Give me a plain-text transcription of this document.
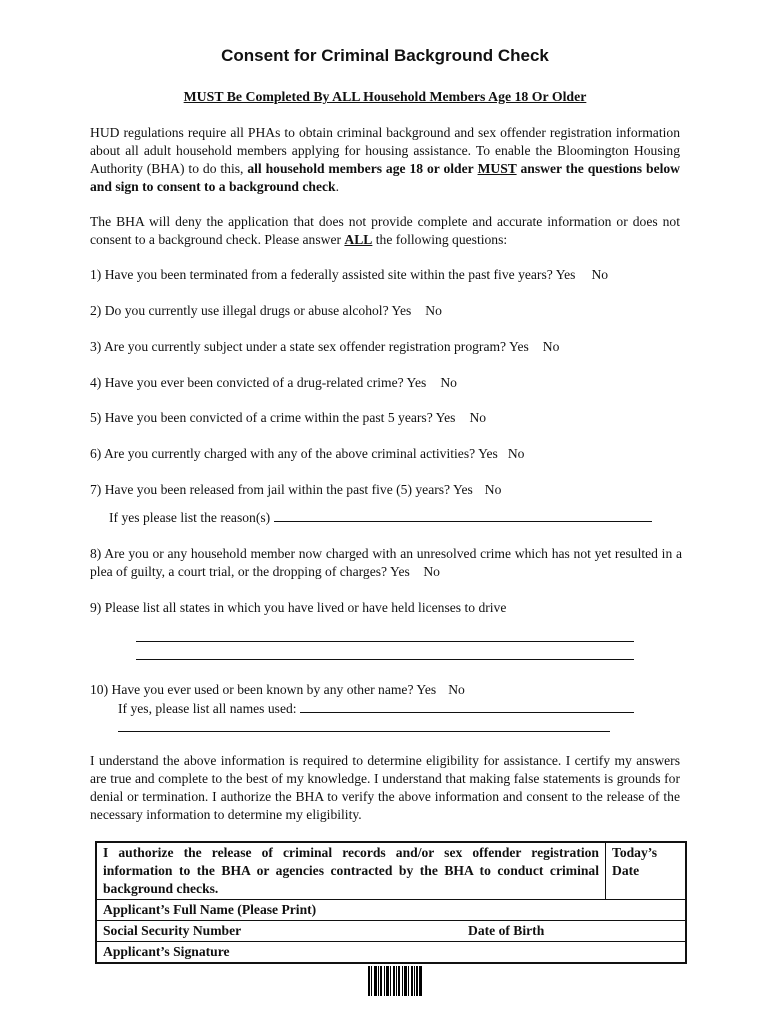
Consent for Criminal Background Check
MUST Be Completed By ALL Household Members Age 18 Or Older
HUD regulations require all PHAs to obtain criminal background and sex offender registration information about all adult household members applying for housing assistance. To enable the Bloomington Housing Authority (BHA) to do this, all household members age 18 or older MUST answer the questions below and sign to consent to a background check.
The BHA will deny the application that does not provide complete and accurate information or does not consent to a background check. Please answer ALL the following questions:
1) Have you been terminated from a federally assisted site within the past five years? Yes No
2) Do you currently use illegal drugs or abuse alcohol? Yes No
3) Are you currently subject under a state sex offender registration program? Yes No
4) Have you ever been convicted of a drug-related crime? Yes No
5) Have you been convicted of a crime within the past 5 years? Yes No
6) Are you currently charged with any of the above criminal activities? Yes No
7) Have you been released from jail within the past five (5) years? Yes No
If yes please list the reason(s)
8) Are you or any household member now charged with an unresolved crime which has not yet resulted in a plea of guilty, a court trial, or the dropping of charges? Yes No
9) Please list all states in which you have lived or have held licenses to drive
10) Have you ever used or been known by any other name? Yes No
If yes, please list all names used:
I understand the above information is required to determine eligibility for assistance. I certify my answers are true and complete to the best of my knowledge. I understand that making false statements is grounds for denial or termination. I authorize the BHA to verify the above information and consent to the release of the necessary information to determine my eligibility.
I authorize the release of criminal records and/or sex offender registration information to the BHA or agencies contracted by the BHA to conduct criminal background checks.
Today’s Date
Applicant’s Full Name (Please Print)
Social Security Number	Date of Birth
Applicant’s Signature
